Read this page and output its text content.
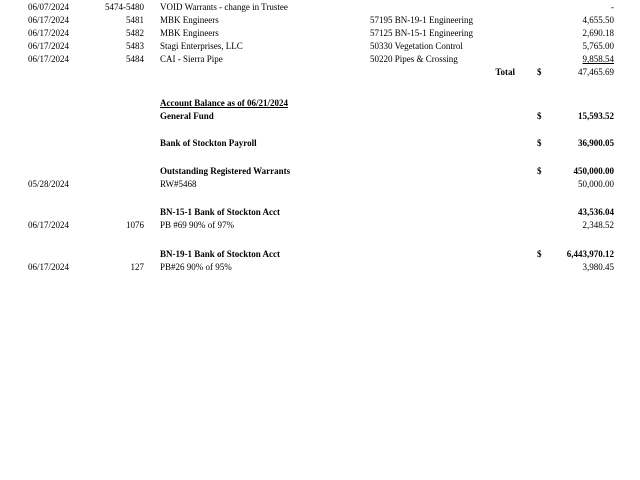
06/07/2024	5474-5480 VOID Warrants - change in Trustee	-
06/17/2024	5481 MBK Engineers	57195 BN-19-1 Engineering	4,655.50
06/17/2024	5482 MBK Engineers	57125 BN-15-1 Engineering	2,690.18
06/17/2024	5483 Stagi Enterprises, LLC	50330 Vegetation Control	5,765.00
06/17/2024	5484 CAI - Sierra Pipe	50220 Pipes & Crossing	9,858.54
Total $	47,465.69
Account Balance as of 06/21/2024
General Fund	$	15,593.52
Bank of Stockton Payroll	$	36,900.05
Outstanding Registered Warrants	$	450,000.00
05/28/2024	RW#5468	50,000.00
BN-15-1 Bank of Stockton Acct	43,536.04
06/17/2024	1076 PB #69 90% of 97%	2,348.52
BN-19-1 Bank of Stockton Acct	$	6,443,970.12
06/17/2024	127 PB#26 90% of 95%	3,980.45
